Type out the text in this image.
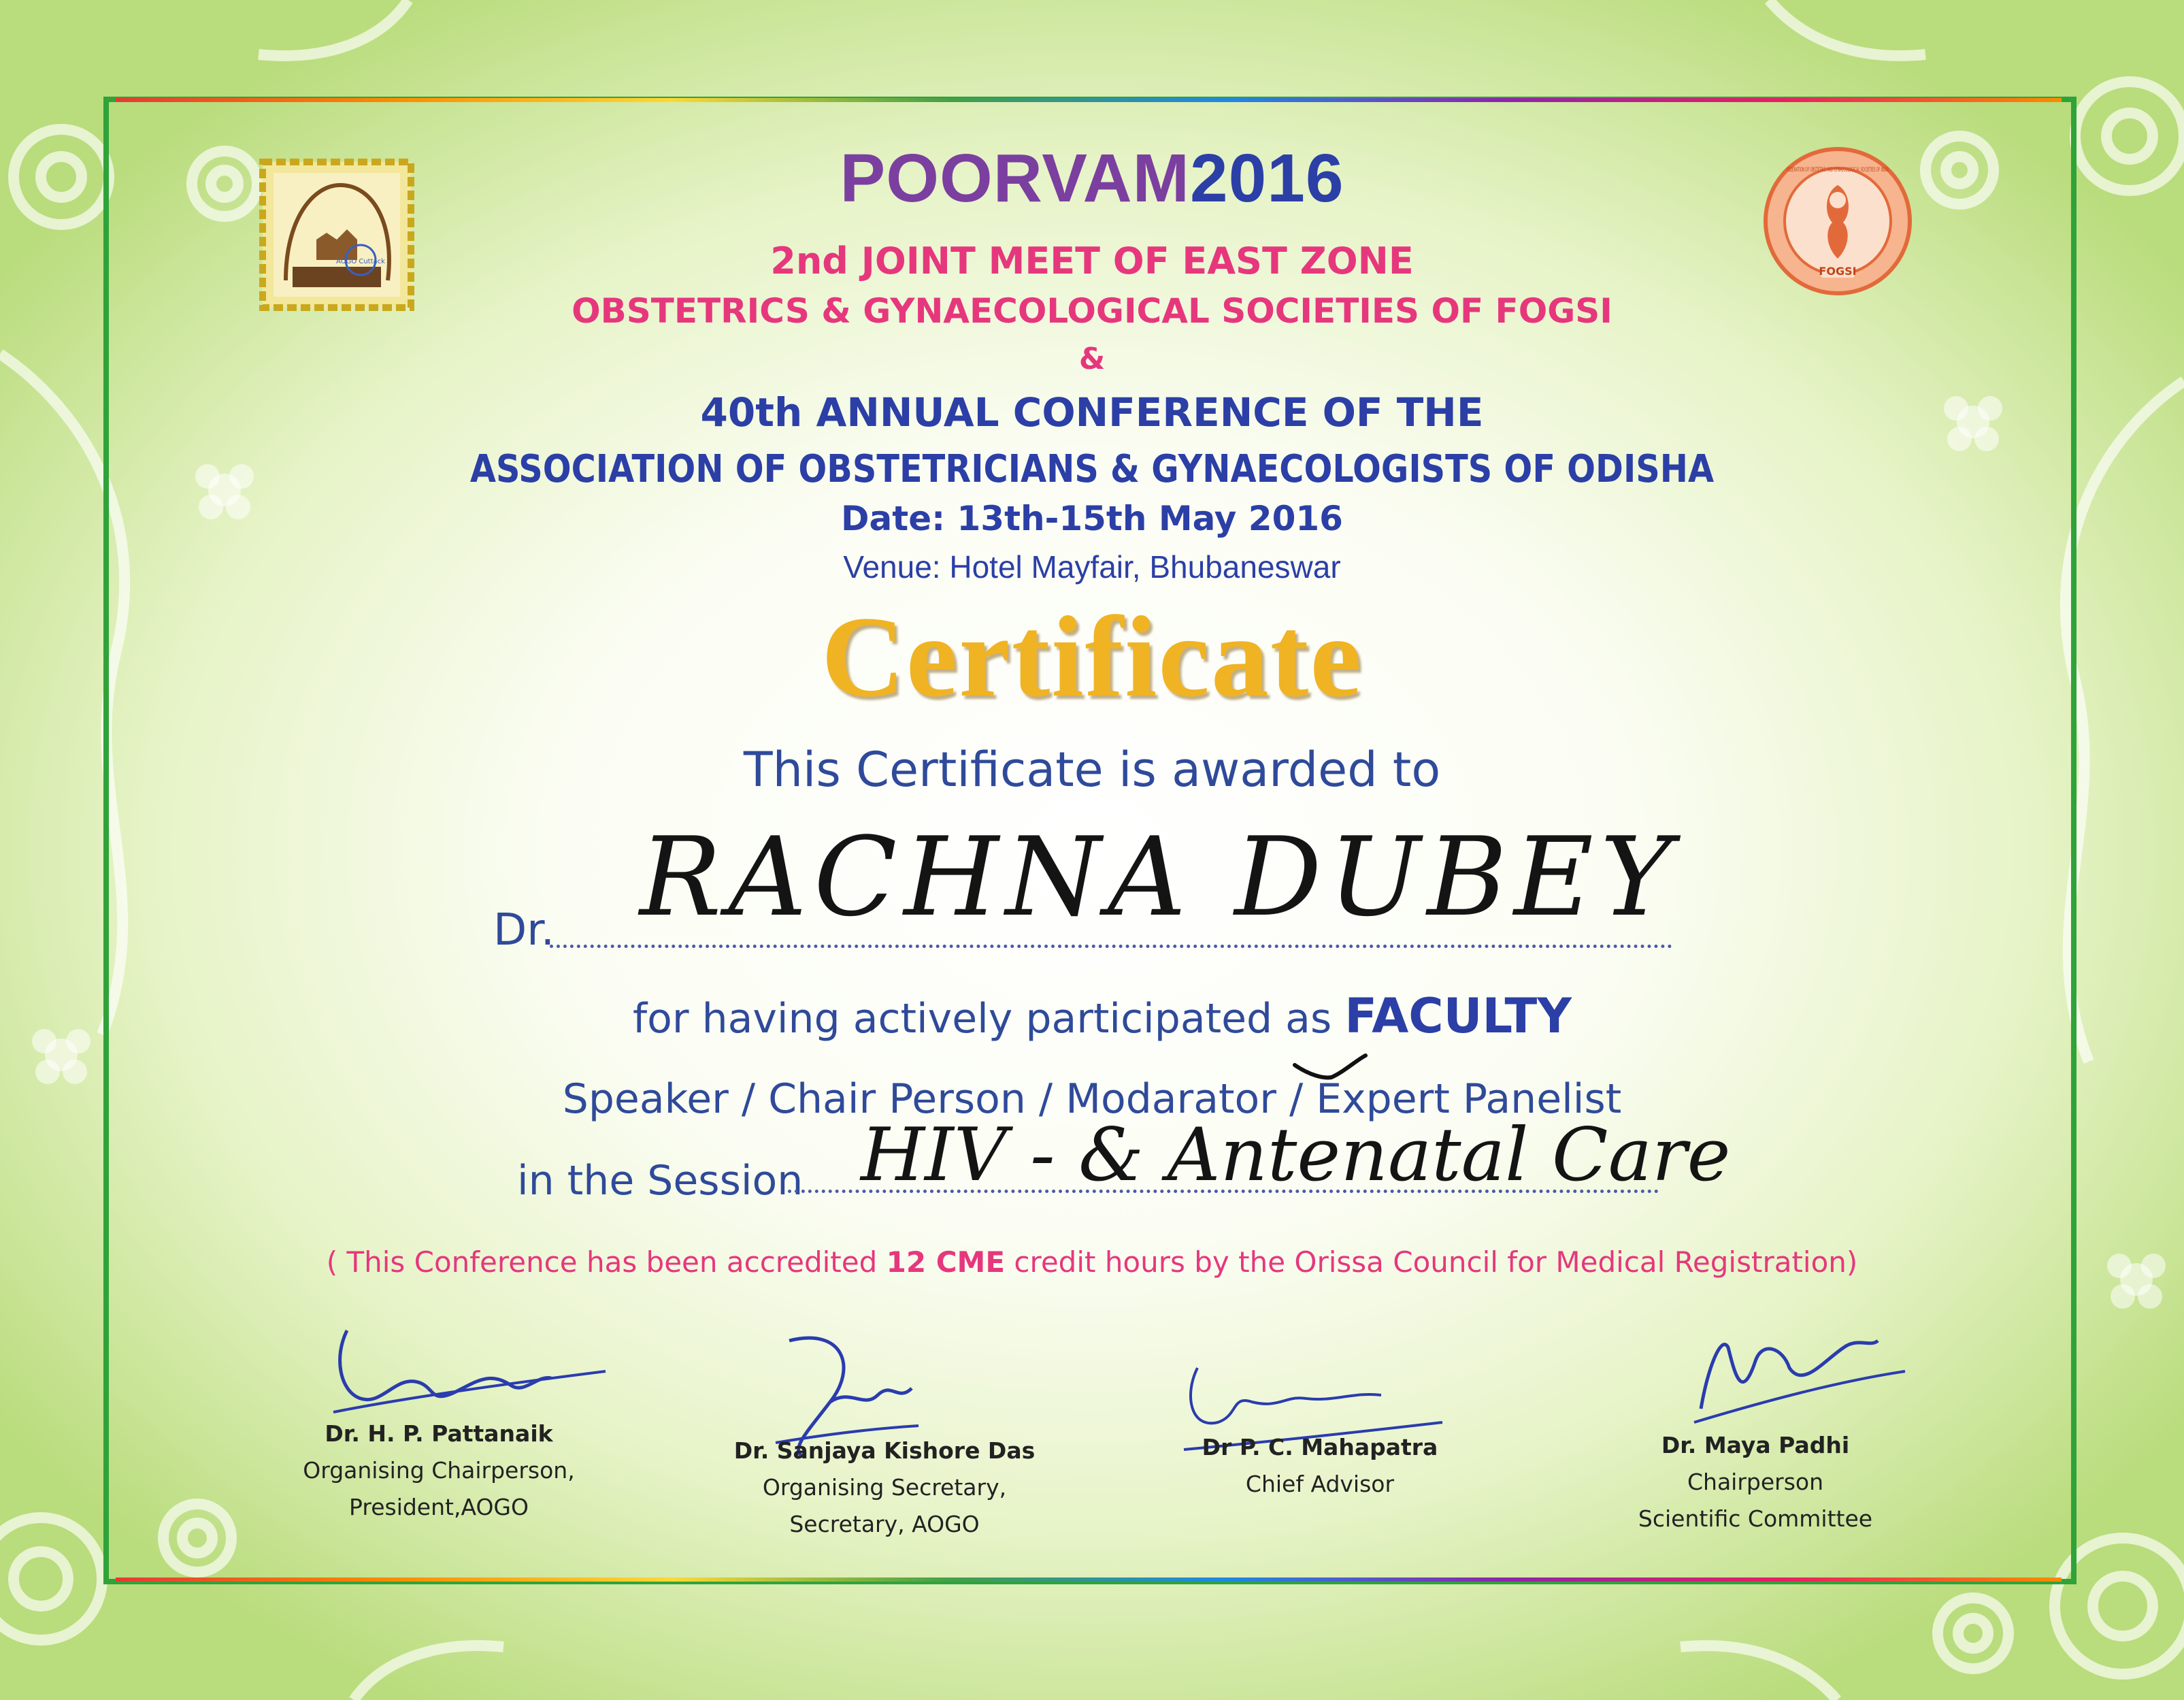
AOGO Cuttack
FOGSI
FEDERATION OF OBSTETRIC AND GYNAECOLOGICAL SOCIETIES OF INDIA
POORVAM2016
2nd JOINT MEET OF EAST ZONE
OBSTETRICS & GYNAECOLOGICAL SOCIETIES OF FOGSI
&
40th ANNUAL CONFERENCE OF THE
ASSOCIATION OF OBSTETRICIANS & GYNAECOLOGISTS OF ODISHA
Date: 13th-15th May 2016
Venue: Hotel Mayfair, Bhubaneswar
Certificate
This Certificate is awarded to
Dr. RACHNA DUBEY
for having actively participated as FACULTY
Speaker / Chair Person / Modarator / Expert Panelist
in the Session HIV - & Antenatal Care
( This Conference has been accredited 12 CME credit hours by the Orissa Council for Medical Registration)
Dr. H. P. Pattanaik
Organising Chairperson,
President,AOGO
Dr. Sanjaya Kishore Das
Organising Secretary,
Secretary, AOGO
Dr P. C. Mahapatra
Chief Advisor
Dr. Maya Padhi
Chairperson
Scientific Committee
